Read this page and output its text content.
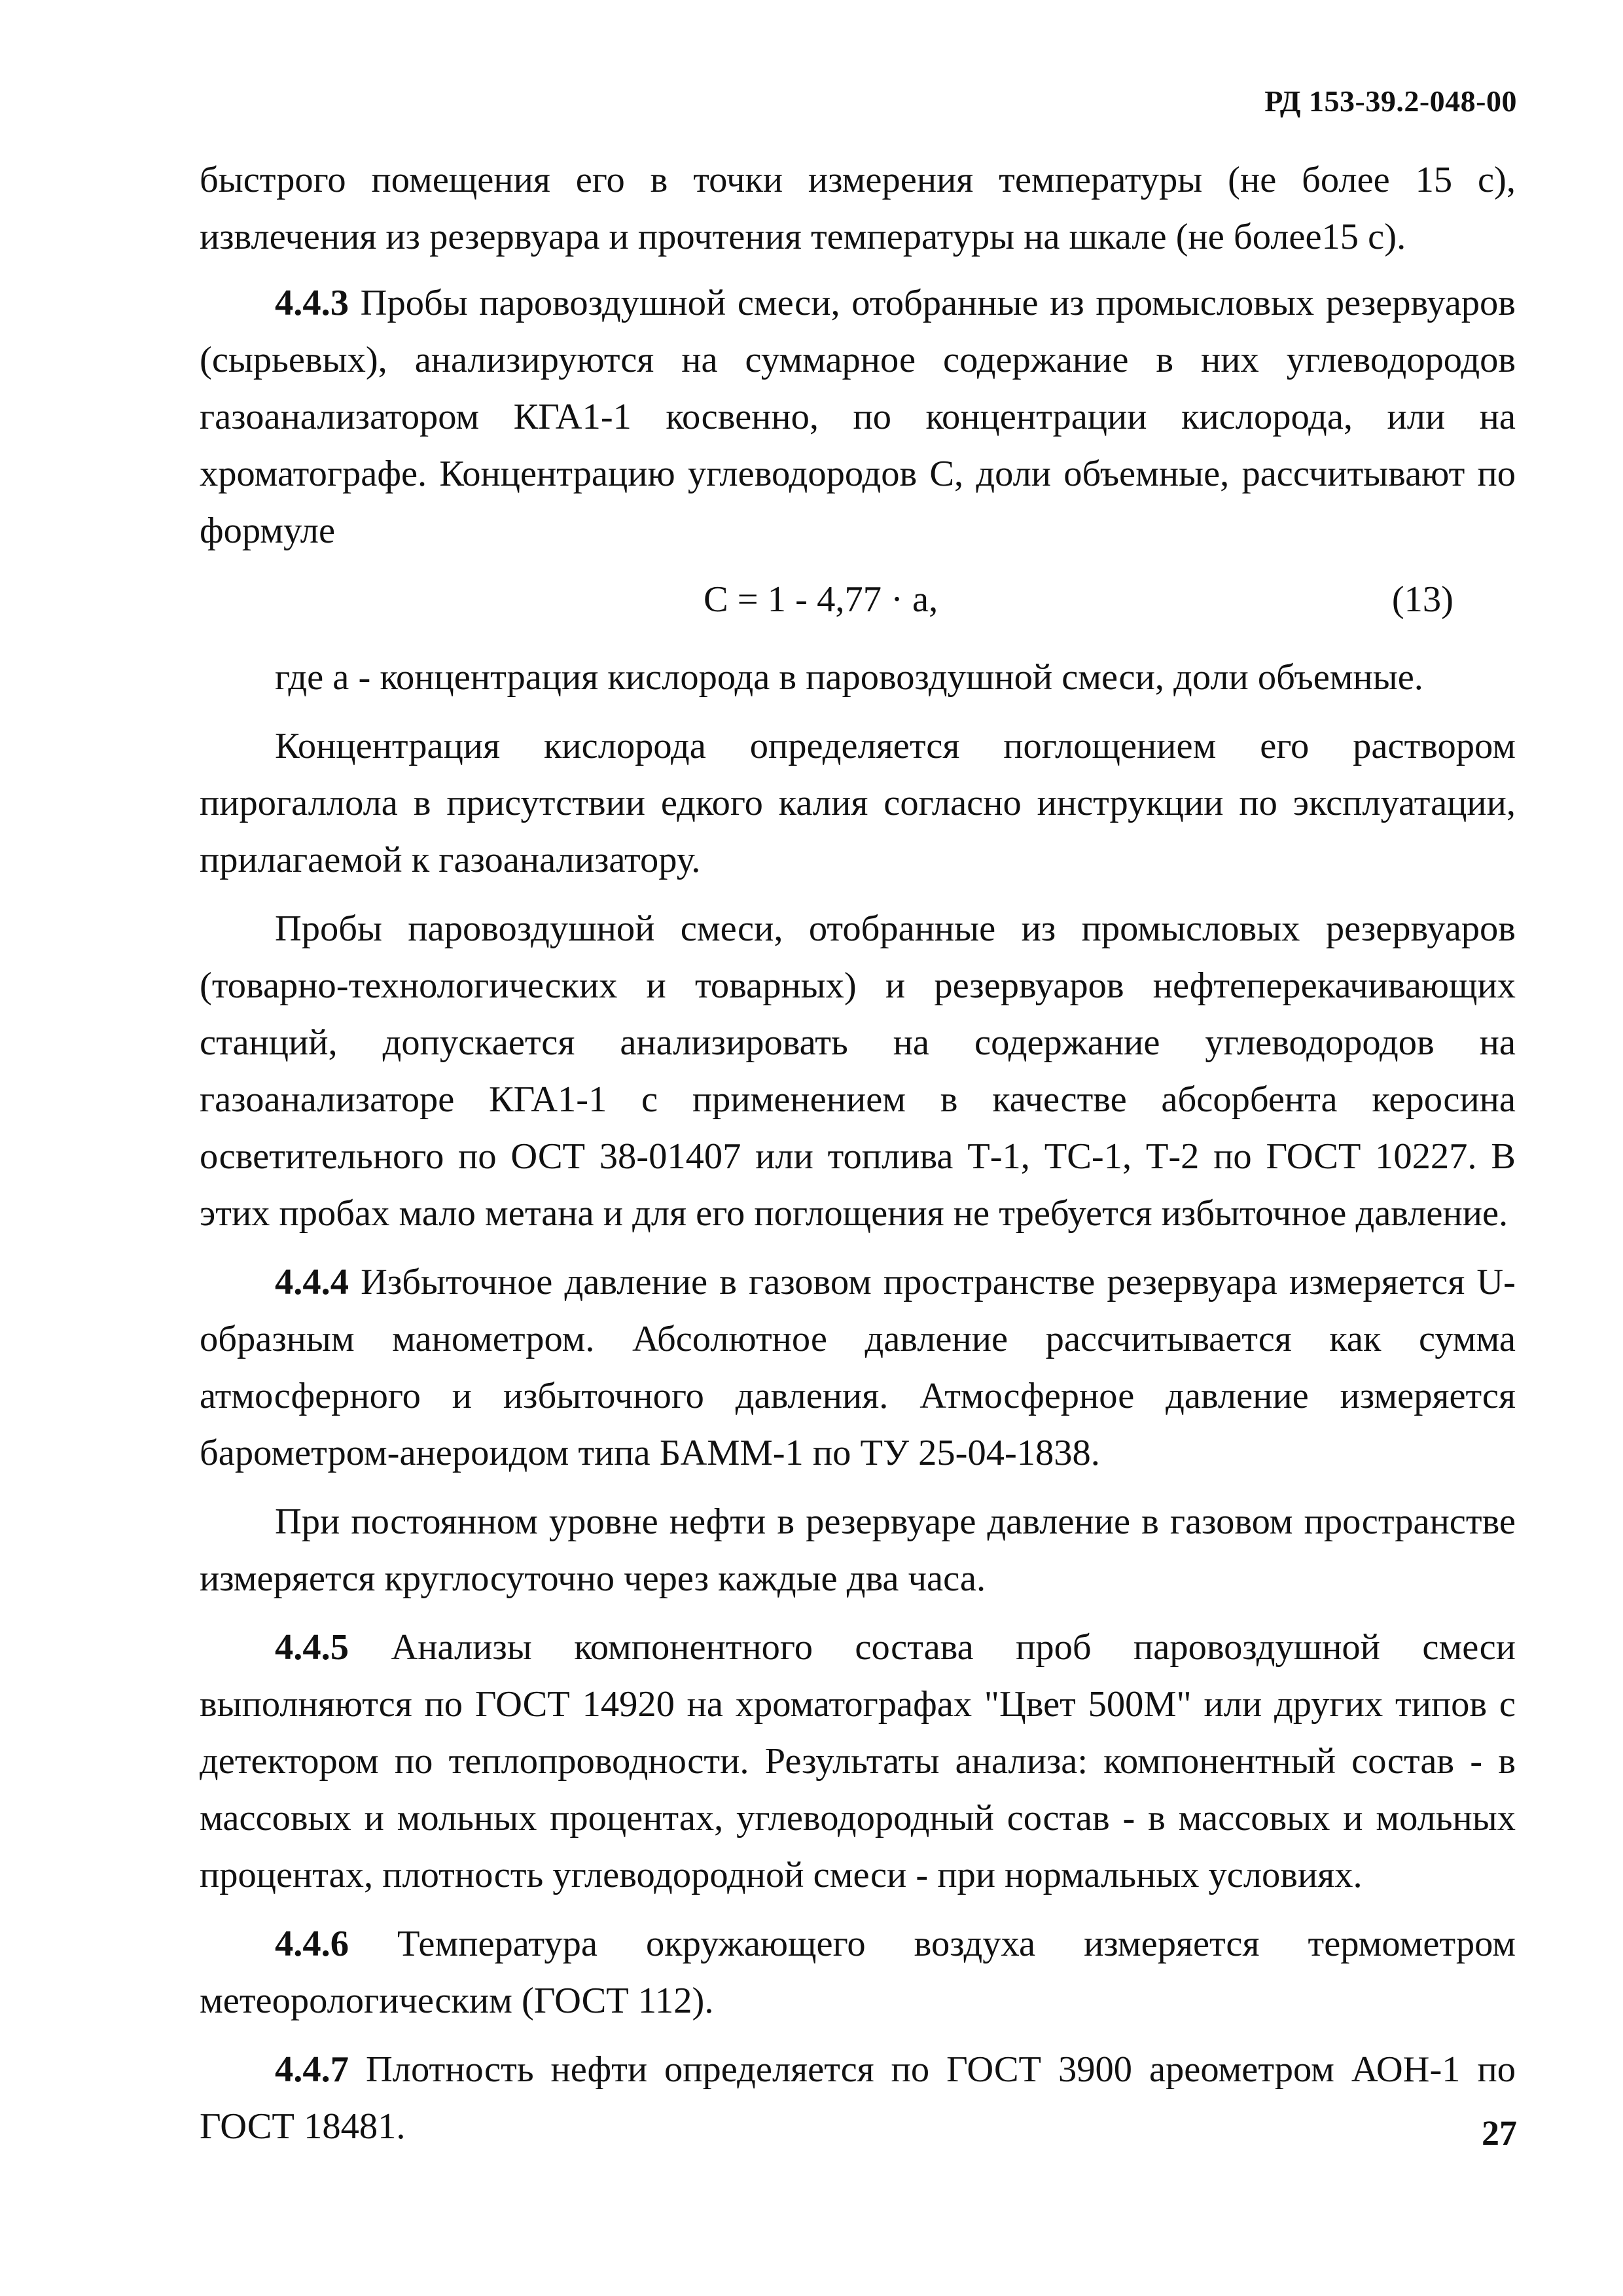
РД 153-39.2-048-00

быстрого помещения его в точки измерения температуры (не более 15 с), извлечения из резервуара и прочтения температуры на шкале (не более15 с).

4.4.3 Пробы паровоздушной смеси, отобранные из промысловых резервуаров (сырьевых), анализируются на суммарное содержание в них углеводородов газоанализатором КГА1-1 косвенно, по концентрации кислорода, или на хроматографе. Концентрацию углеводородов С, доли объемные, рассчитывают по формуле

С = 1 - 4,77 · а,	(13)

где а - концентрация кислорода в паровоздушной смеси, доли объемные.

Концентрация кислорода определяется поглощением его раствором пирогаллола в присутствии едкого калия согласно инструкции по эксплуатации, прилагаемой к газоанализатору.

Пробы паровоздушной смеси, отобранные из промысловых резервуаров (товарно-технологических и товарных) и резервуаров нефтеперекачивающих станций, допускается анализировать на содержание углеводородов на газоанализаторе КГА1-1 с применением в качестве абсорбента керосина осветительного по ОСТ 38-01407 или топлива Т-1, ТС-1, Т-2 по ГОСТ 10227. В этих пробах мало метана и для его поглощения не требуется избыточное давление.

4.4.4 Избыточное давление в газовом пространстве резервуара измеряется U-образным манометром. Абсолютное давление рассчитывается как сумма атмосферного и избыточного давления. Атмосферное давление измеряется барометром-анероидом типа БАММ-1 по ТУ 25-04-1838.

При постоянном уровне нефти в резервуаре давление в газовом пространстве измеряется круглосуточно через каждые два часа.

4.4.5 Анализы компонентного состава проб паровоздушной смеси выполняются по ГОСТ 14920 на хроматографах "Цвет 500М" или других типов с детектором по теплопроводности. Результаты анализа: компонентный состав - в массовых и мольных процентах, углеводородный состав - в массовых и мольных процентах, плотность углеводородной смеси - при нормальных условиях.

4.4.6 Температура окружающего воздуха измеряется термометром метеорологическим (ГОСТ 112).

4.4.7 Плотность нефти определяется по ГОСТ 3900 ареометром АОН-1 по ГОСТ 18481.	27
